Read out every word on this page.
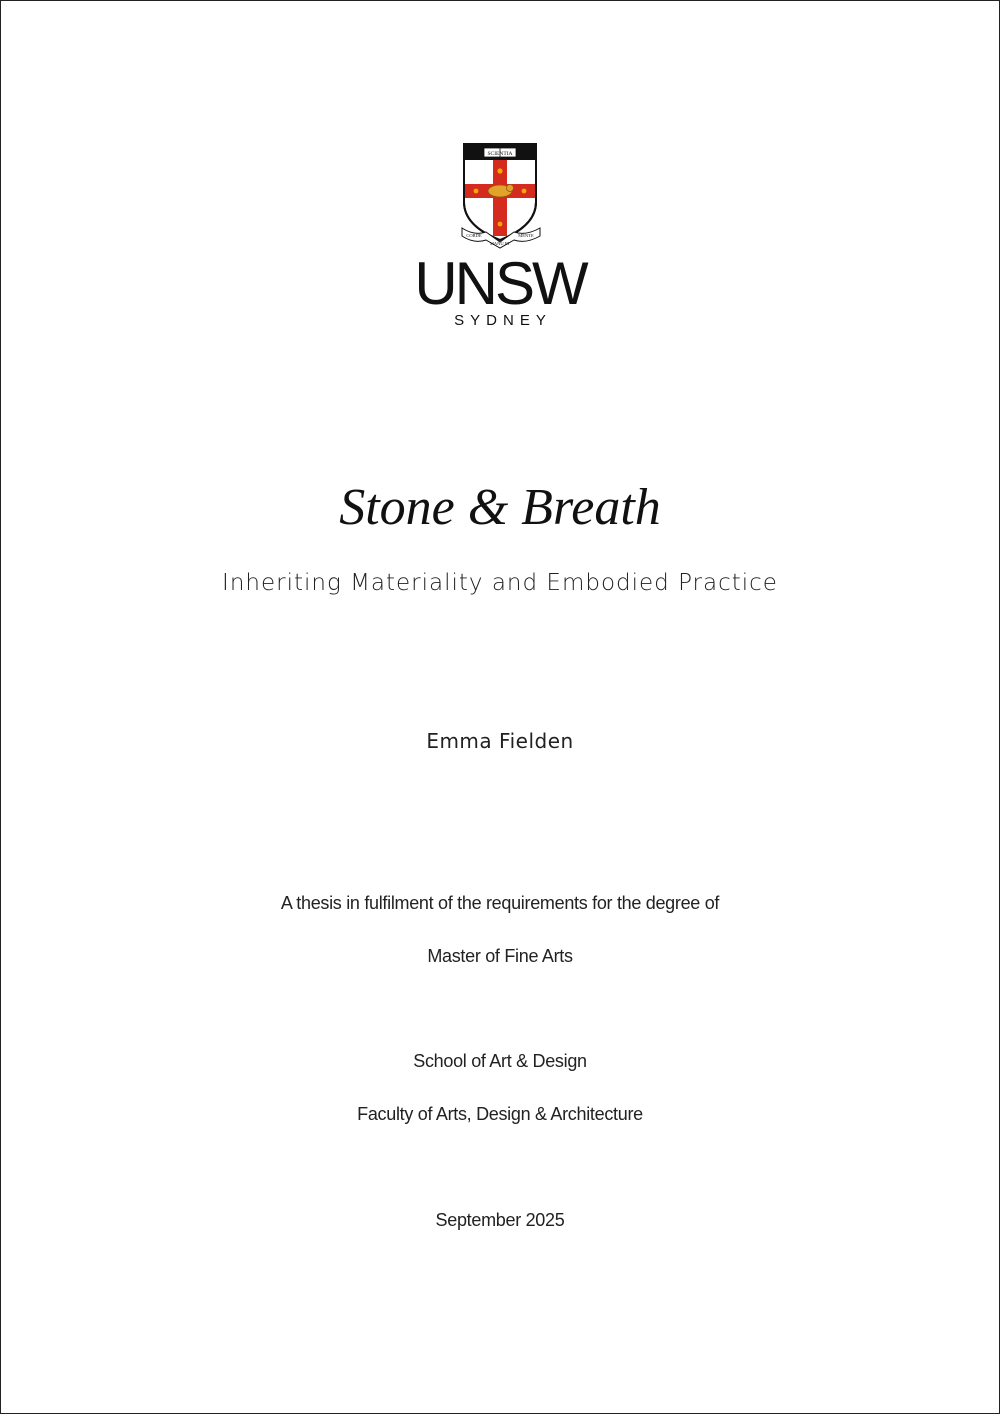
SCIENTIA
CORDE
MANU ET
MENTE
UNSW
SYDNEY
Stone & Breath
Inheriting Materiality and Embodied Practice
Emma Fielden
A thesis in fulfilment of the requirements for the degree of
Master of Fine Arts
School of Art & Design
Faculty of Arts, Design & Architecture
September 2025
